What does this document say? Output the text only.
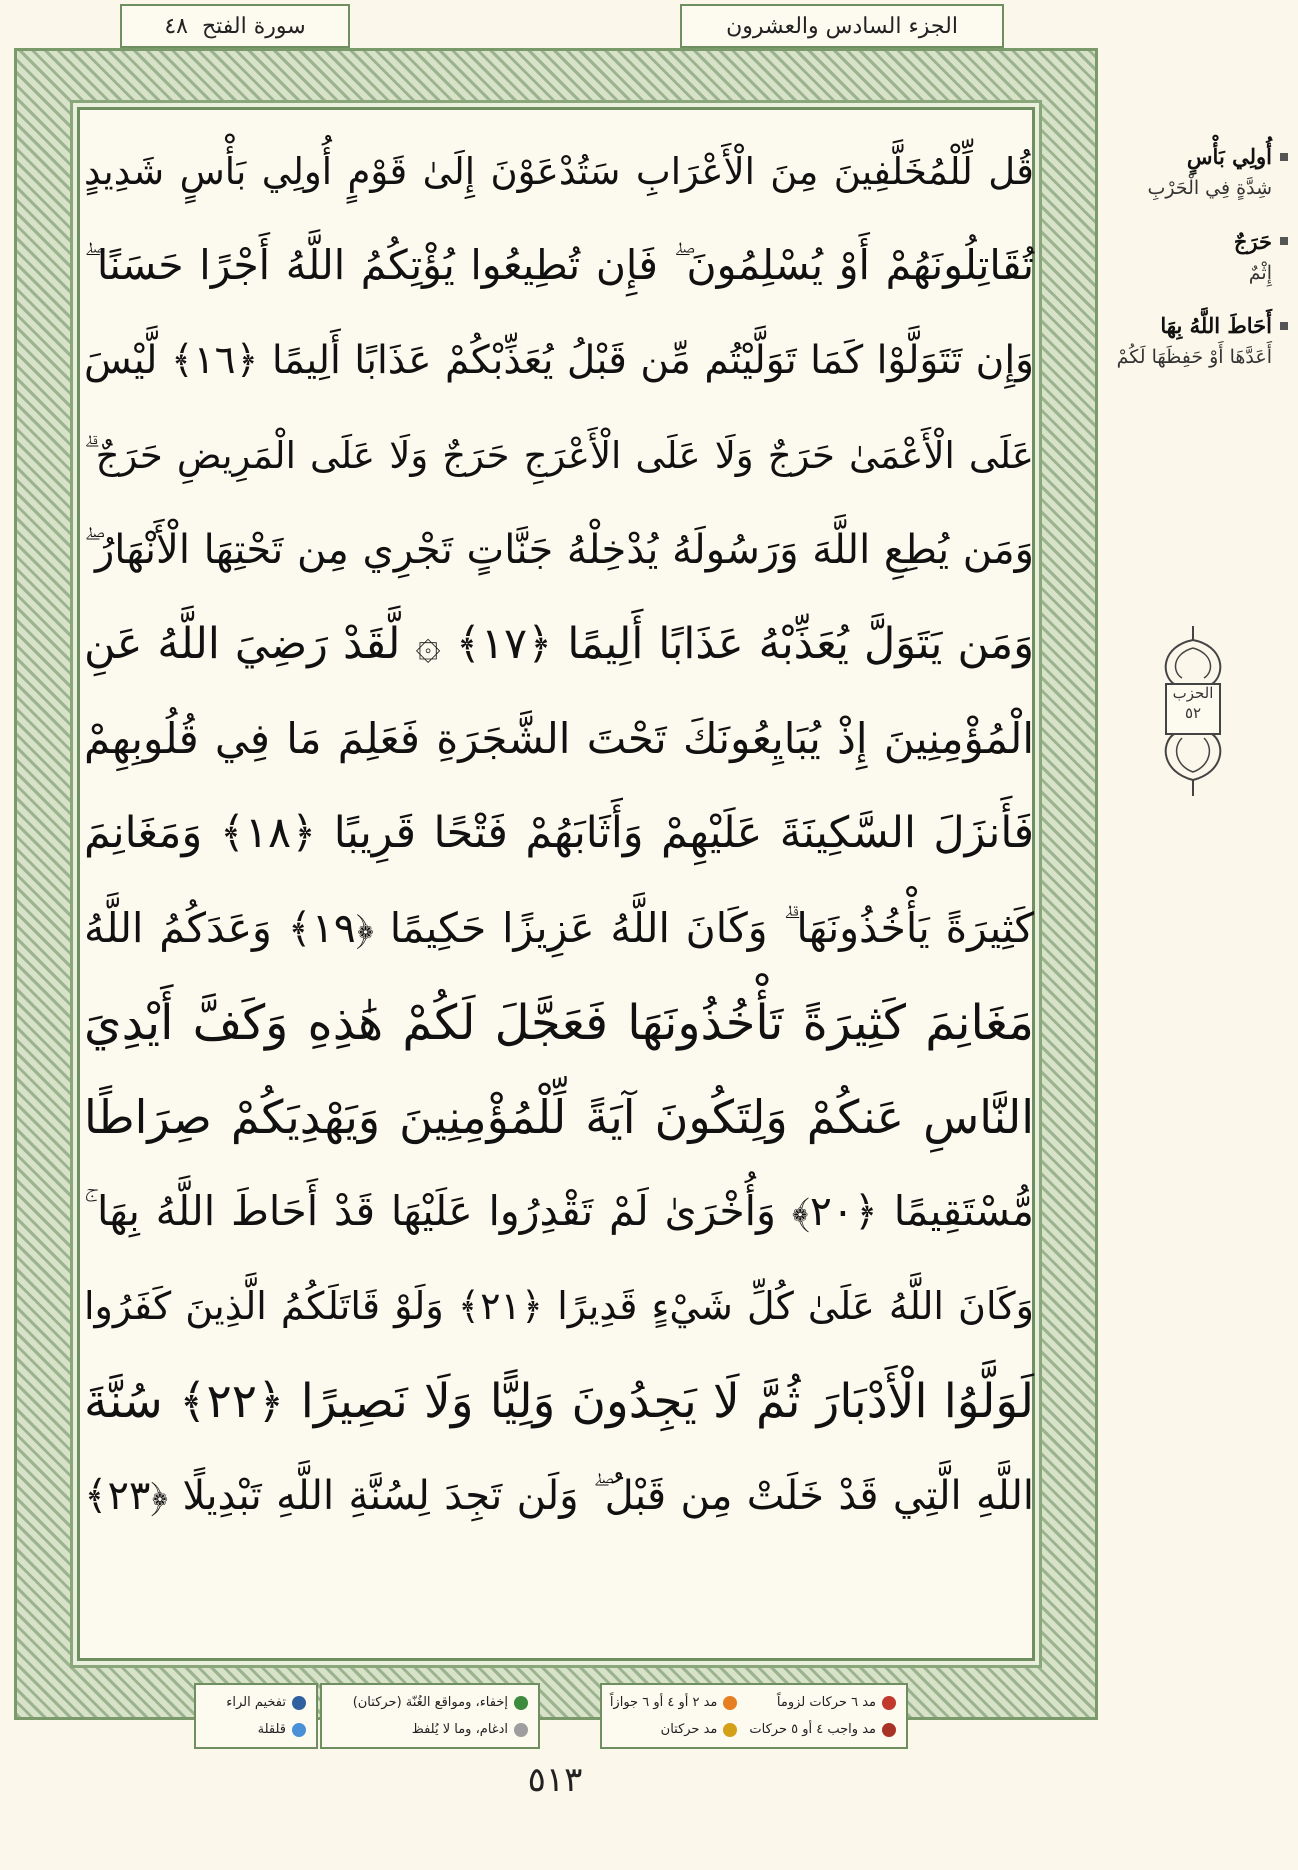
الجزء السادس والعشرون
سورة الفتح
٤٨
قُل لِّلْمُخَلَّفِينَ مِنَ الْأَعْرَابِ سَتُدْعَوْنَ إِلَىٰ قَوْمٍ أُولِي بَأْسٍ شَدِيدٍ
تُقَاتِلُونَهُمْ أَوْ يُسْلِمُونَ ۖ فَإِن تُطِيعُوا يُؤْتِكُمُ اللَّهُ أَجْرًا حَسَنًا ۖ
وَإِن تَتَوَلَّوْا كَمَا تَوَلَّيْتُم مِّن قَبْلُ يُعَذِّبْكُمْ عَذَابًا أَلِيمًا ﴿١٦﴾ لَّيْسَ
عَلَى الْأَعْمَىٰ حَرَجٌ وَلَا عَلَى الْأَعْرَجِ حَرَجٌ وَلَا عَلَى الْمَرِيضِ حَرَجٌ ۗ
وَمَن يُطِعِ اللَّهَ وَرَسُولَهُ يُدْخِلْهُ جَنَّاتٍ تَجْرِي مِن تَحْتِهَا الْأَنْهَارُ ۖ
وَمَن يَتَوَلَّ يُعَذِّبْهُ عَذَابًا أَلِيمًا ﴿١٧﴾ ۞ لَّقَدْ رَضِيَ اللَّهُ عَنِ
الْمُؤْمِنِينَ إِذْ يُبَايِعُونَكَ تَحْتَ الشَّجَرَةِ فَعَلِمَ مَا فِي قُلُوبِهِمْ
فَأَنزَلَ السَّكِينَةَ عَلَيْهِمْ وَأَثَابَهُمْ فَتْحًا قَرِيبًا ﴿١٨﴾ وَمَغَانِمَ
كَثِيرَةً يَأْخُذُونَهَا ۗ وَكَانَ اللَّهُ عَزِيزًا حَكِيمًا ﴿١٩﴾ وَعَدَكُمُ اللَّهُ
مَغَانِمَ كَثِيرَةً تَأْخُذُونَهَا فَعَجَّلَ لَكُمْ هَٰذِهِ وَكَفَّ أَيْدِيَ
النَّاسِ عَنكُمْ وَلِتَكُونَ آيَةً لِّلْمُؤْمِنِينَ وَيَهْدِيَكُمْ صِرَاطًا
مُّسْتَقِيمًا ﴿٢٠﴾ وَأُخْرَىٰ لَمْ تَقْدِرُوا عَلَيْهَا قَدْ أَحَاطَ اللَّهُ بِهَا ۚ
وَكَانَ اللَّهُ عَلَىٰ كُلِّ شَيْءٍ قَدِيرًا ﴿٢١﴾ وَلَوْ قَاتَلَكُمُ الَّذِينَ كَفَرُوا
لَوَلَّوُا الْأَدْبَارَ ثُمَّ لَا يَجِدُونَ وَلِيًّا وَلَا نَصِيرًا ﴿٢٢﴾ سُنَّةَ
اللَّهِ الَّتِي قَدْ خَلَتْ مِن قَبْلُ ۖ وَلَن تَجِدَ لِسُنَّةِ اللَّهِ تَبْدِيلًا ﴿٢٣﴾
أُولِي بَأْسٍ
شِدَّةٍ فِي الْحَرْبِ
حَرَجٌ
إِثْمٌ
أَحَاطَ اللَّهُ بِهَا
أَعَدَّهَا أَوْ حَفِظَهَا لَكُمْ
الحزب
٥٢
مد ٦ حركات لزوماً
مد ٢ أو ٤ أو ٦ جوازاً
مد واجب ٤ أو ٥ حركات
مد حركتان
إخفاء، ومواقع الغُنّة (حركتان)
ادغام، وما لا يُلفظ
تفخيم الراء
قلقلة
٥١٣
